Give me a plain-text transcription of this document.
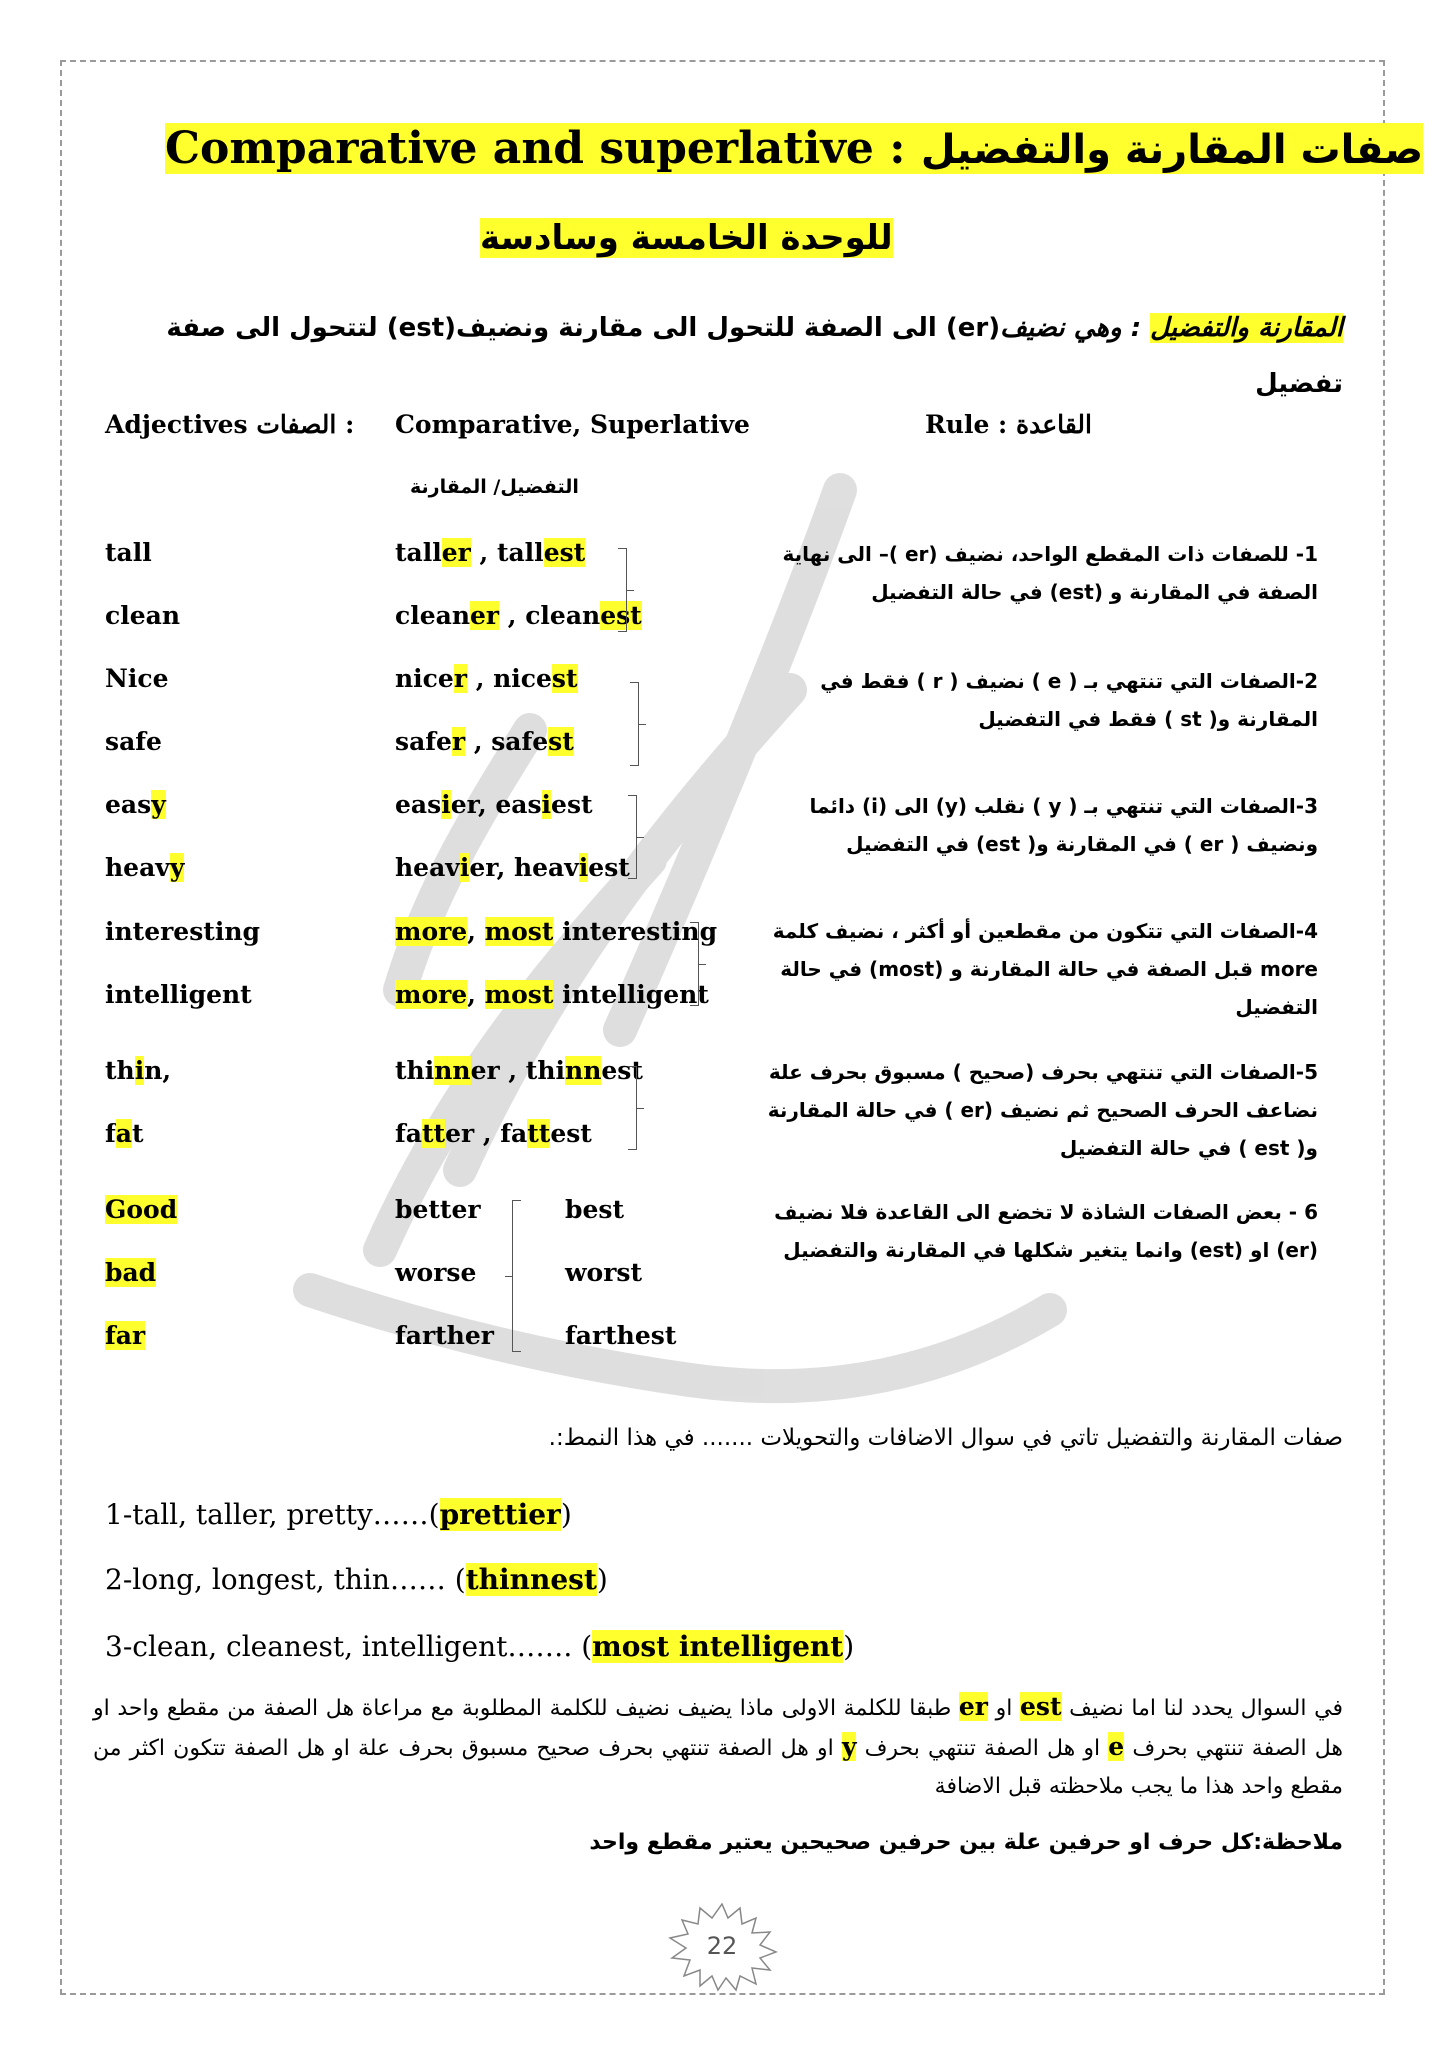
Comparative and superlative : صفات المقارنة والتفضيل
للوحدة الخامسة وسادسة
المقارنة والتفضيل : وهي نضيف(er) الى الصفة للتحول الى مقارنة ونضيف(est) لتتحول الى صفة تفضيل
Adjectives الصفات : Comparative, Superlative
التفضيل/ المقارنة
Rule : القاعدة
tall	taller , tallest
clean	cleaner , cleanest
Nice	nicer , nicest
safe	safer , safest
easy	easier, easiest
heavy	heavier, heaviest
interesting	more, most interesting
intelligent	more, most intelligent
thin,	thinner , thinnest
fat	fatter , fattest
Good	better	best
bad	worse	worst
far	farther	farthest
1- للصفات ذات المقطع الواحد، نضيف (er )– الى نهاية الصفة في المقارنة و (est) في حالة التفضيل
2-الصفات التي تنتهي بـ ( e ) نضيف ( r ) فقط في المقارنة و( st ) فقط في التفضيل
3-الصفات التي تنتهي بـ ( y ) نقلب (y) الى (i) دائما ونضيف ( er ) في المقارنة و( est) في التفضيل
4-الصفات التي تتكون من مقطعين أو أكثر ، نضيف كلمة more قبل الصفة في حالة المقارنة و (most) في حالة التفضيل
5-الصفات التي تنتهي بحرف (صحيح ) مسبوق بحرف علة نضاعف الحرف الصحيح ثم نضيف (er ) في حالة المقارنة و( est ) في حالة التفضيل
6 - بعض الصفات الشاذة لا تخضع الى القاعدة فلا نضيف (er) او (est) وانما يتغير شكلها في المقارنة والتفضيل
صفات المقارنة والتفضيل تاتي في سوال الاضافات والتحويلات ....... في هذا النمط:.
1-tall, taller, pretty……(prettier)
2-long, longest, thin…… (thinnest)
3-clean, cleanest, intelligent……. (most intelligent)
في السوال يحدد لنا اما نضيف est او er طبقا للكلمة الاولى ماذا يضيف نضيف للكلمة المطلوبة مع مراعاة هل الصفة من مقطع واحد او هل الصفة تنتهي بحرف e او هل الصفة تنتهي بحرف y او هل الصفة تنتهي بحرف صحيح مسبوق بحرف علة او هل الصفة تتكون اكثر من مقطع واحد هذا ما يجب ملاحظته قبل الاضافة
ملاحظة:كل حرف او حرفين علة بين حرفين صحيحين يعتير مقطع واحد
22
